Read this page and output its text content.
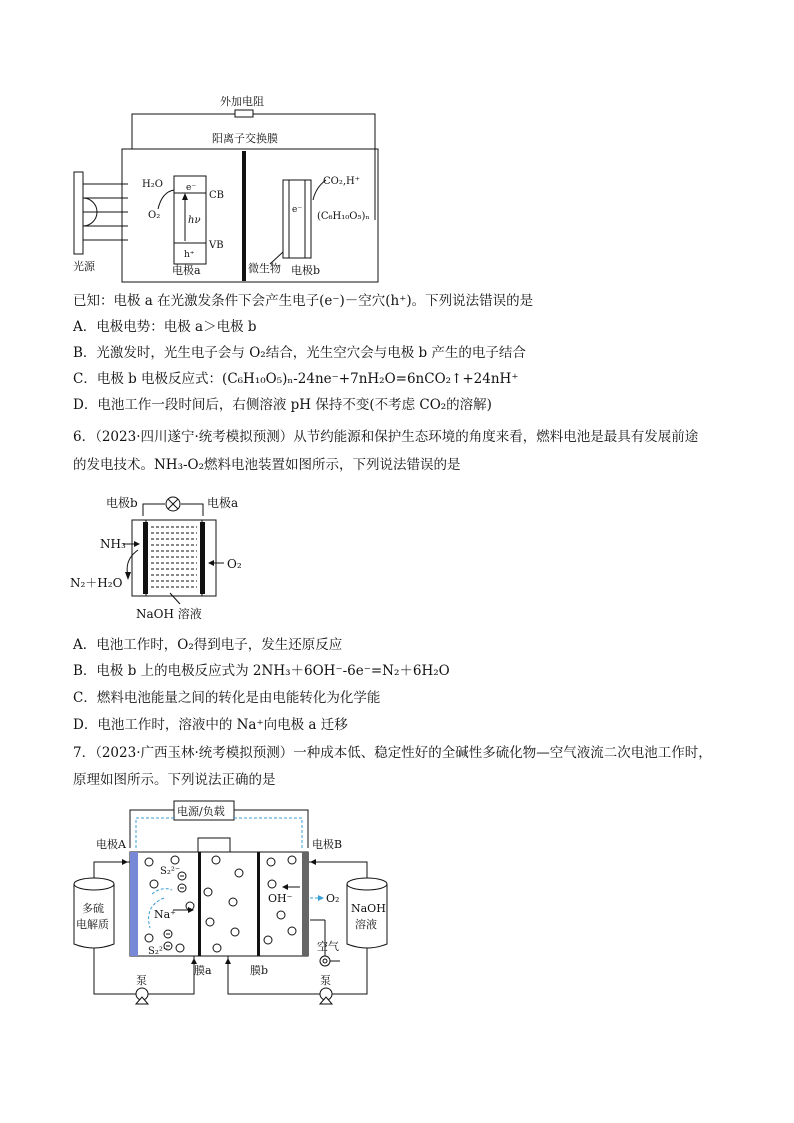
外加电阻
阳离子交换膜
光源
CB
VB
e⁻
h⁺
hν
H₂O
O₂
电极a
e⁻
CO₂,H⁺
(C₆H₁₀O₅)ₙ
微生物 电极b
已知：电极 a 在光激发条件下会产生电子(e⁻)－空穴(h⁺)。下列说法错误的是
A．电极电势：电极 a＞电极 b
B．光激发时，光生电子会与 O₂结合，光生空穴会与电极 b 产生的电子结合
C．电极 b 电极反应式：(C₆H₁₀O₅)ₙ-24ne⁻+7nH₂O=6nCO₂↑+24nH⁺
D．电池工作一段时间后，右侧溶液 pH 保持不变(不考虑 CO₂的溶解)
6．（2023·四川遂宁·统考模拟预测）从节约能源和保护生态环境的角度来看，燃料电池是最具有发展前途
的发电技术。NH₃-O₂燃料电池装置如图所示，下列说法错误的是
电极b	电极a
NH₃
N₂＋H₂O
O₂
NaOH 溶液
A．电池工作时，O₂得到电子，发生还原反应
B．电极 b 上的电极反应式为 2NH₃＋6OH⁻-6e⁻=N₂＋6H₂O
C．燃料电池能量之间的转化是由电能转化为化学能
D．电池工作时，溶液中的 Na⁺向电极 a 迁移
7．（2023·广西玉林·统考模拟预测）一种成本低、稳定性好的全碱性多硫化物—空气液流二次电池工作时，
原理如图所示。下列说法正确的是
电源/负载
电极A	电极B
S₂²⁻
S₂²⁻
Na⁺
OH⁻	O₂
空气
多硫
电解质
NaOH
溶液
泵
膜a
泵
膜b
